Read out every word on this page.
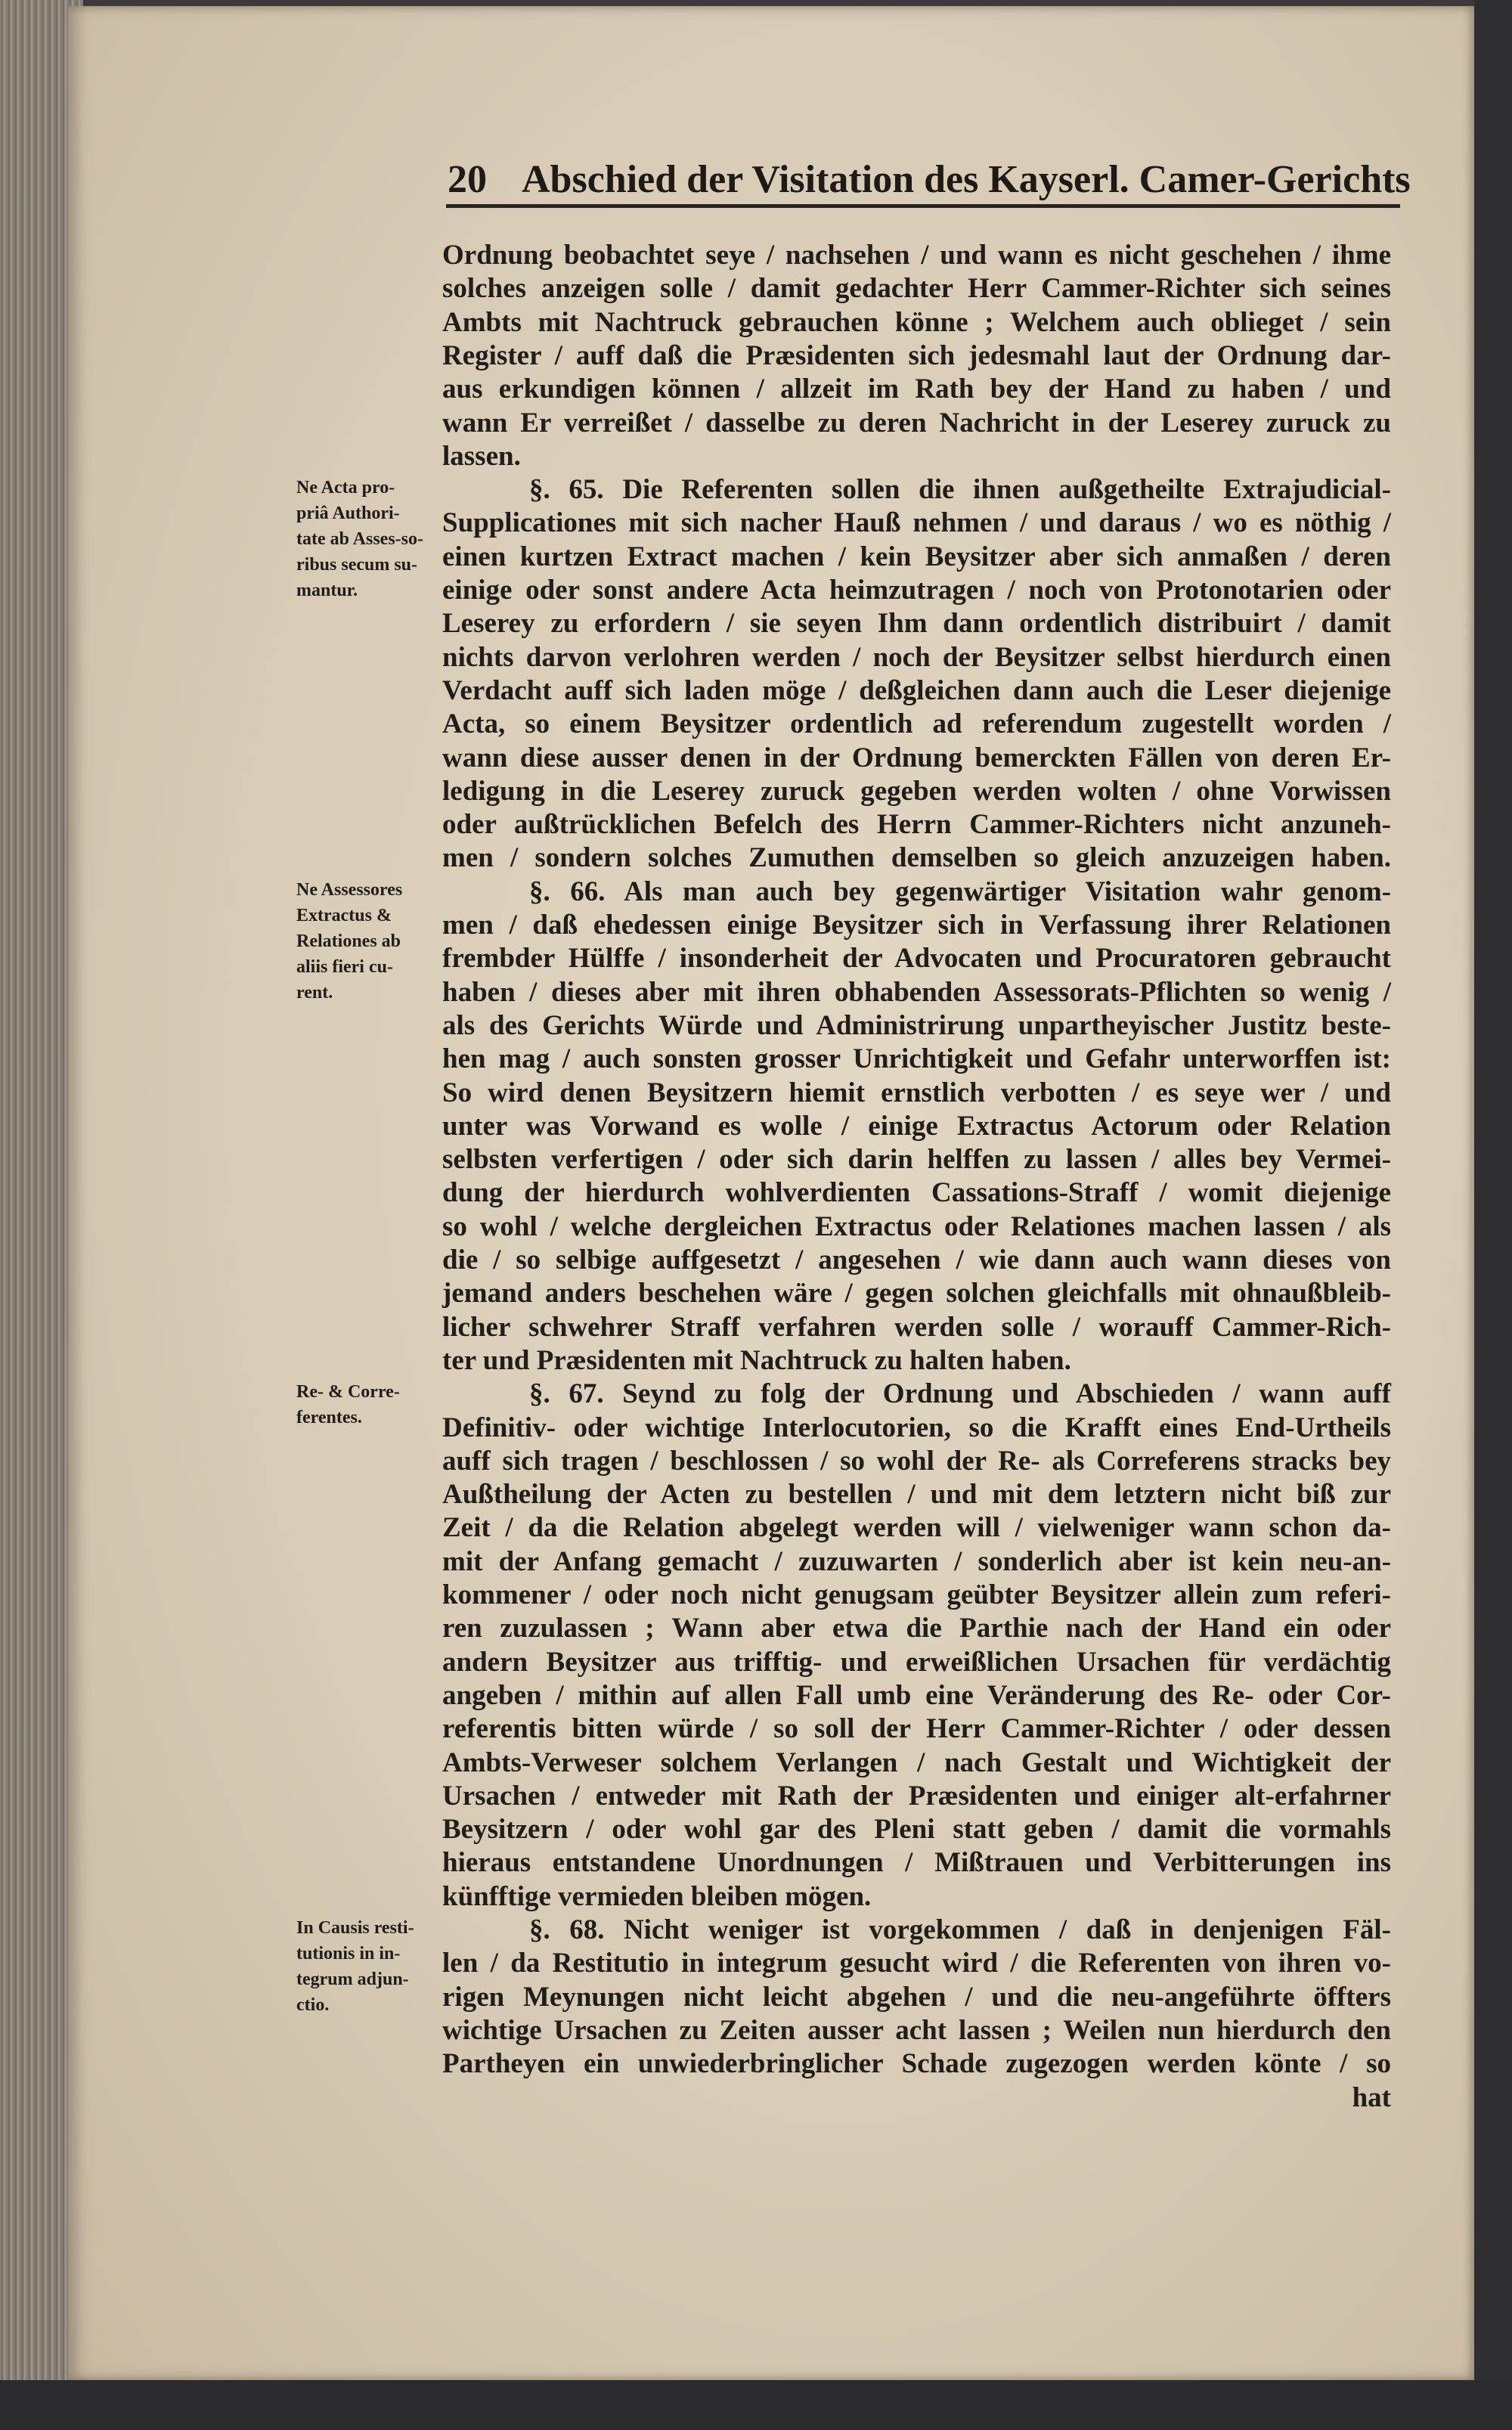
20 Abschied der Visitation des Kayserl. Camer-Gerichts
Ordnung beobachtet seye / nachsehen / und wann es nicht geschehen / ihme
solches anzeigen solle / damit gedachter Herr Cammer-Richter sich seines
Ambts mit Nachtruck gebrauchen könne ; Welchem auch oblieget / sein
Register / auff daß die Præsidenten sich jedesmahl laut der Ordnung dar-
aus erkundigen können / allzeit im Rath bey der Hand zu haben / und
wann Er verreißet / dasselbe zu deren Nachricht in der Leserey zuruck zu
lassen.
§. 65. Die Referenten sollen die ihnen außgetheilte Extrajudicial-
Supplicationes mit sich nacher Hauß nehmen / und daraus / wo es nöthig /
einen kurtzen Extract machen / kein Beysitzer aber sich anmaßen / deren
einige oder sonst andere Acta heimzutragen / noch von Protonotarien oder
Leserey zu erfordern / sie seyen Ihm dann ordentlich distribuirt / damit
nichts darvon verlohren werden / noch der Beysitzer selbst hierdurch einen
Verdacht auff sich laden möge / deßgleichen dann auch die Leser diejenige
Acta, so einem Beysitzer ordentlich ad referendum zugestellt worden /
wann diese ausser denen in der Ordnung bemerckten Fällen von deren Er-
ledigung in die Leserey zuruck gegeben werden wolten / ohne Vorwissen
oder außtrücklichen Befelch des Herrn Cammer-Richters nicht anzuneh-
men / sondern solches Zumuthen demselben so gleich anzuzeigen haben.
§. 66. Als man auch bey gegenwärtiger Visitation wahr genom-
men / daß ehedessen einige Beysitzer sich in Verfassung ihrer Relationen
frembder Hülffe / insonderheit der Advocaten und Procuratoren gebraucht
haben / dieses aber mit ihren obhabenden Assessorats-Pflichten so wenig /
als des Gerichts Würde und Administrirung unpartheyischer Justitz beste-
hen mag / auch sonsten grosser Unrichtigkeit und Gefahr unterworffen ist:
So wird denen Beysitzern hiemit ernstlich verbotten / es seye wer / und
unter was Vorwand es wolle / einige Extractus Actorum oder Relation
selbsten verfertigen / oder sich darin helffen zu lassen / alles bey Vermei-
dung der hierdurch wohlverdienten Cassations-Straff / womit diejenige
so wohl / welche dergleichen Extractus oder Relationes machen lassen / als
die / so selbige auffgesetzt / angesehen / wie dann auch wann dieses von
jemand anders beschehen wäre / gegen solchen gleichfalls mit ohnaußbleib-
licher schwehrer Straff verfahren werden solle / worauff Cammer-Rich-
ter und Præsidenten mit Nachtruck zu halten haben.
§. 67. Seynd zu folg der Ordnung und Abschieden / wann auff
Definitiv- oder wichtige Interlocutorien, so die Krafft eines End-Urtheils
auff sich tragen / beschlossen / so wohl der Re- als Correferens stracks bey
Außtheilung der Acten zu bestellen / und mit dem letztern nicht biß zur
Zeit / da die Relation abgelegt werden will / vielweniger wann schon da-
mit der Anfang gemacht / zuzuwarten / sonderlich aber ist kein neu-an-
kommener / oder noch nicht genugsam geübter Beysitzer allein zum referi-
ren zuzulassen ; Wann aber etwa die Parthie nach der Hand ein oder
andern Beysitzer aus trifftig- und erweißlichen Ursachen für verdächtig
angeben / mithin auf allen Fall umb eine Veränderung des Re- oder Cor-
referentis bitten würde / so soll der Herr Cammer-Richter / oder dessen
Ambts-Verweser solchem Verlangen / nach Gestalt und Wichtigkeit der
Ursachen / entweder mit Rath der Præsidenten und einiger alt-erfahrner
Beysitzern / oder wohl gar des Pleni statt geben / damit die vormahls
hieraus entstandene Unordnungen / Mißtrauen und Verbitterungen ins
künfftige vermieden bleiben mögen.
§. 68. Nicht weniger ist vorgekommen / daß in denjenigen Fäl-
len / da Restitutio in integrum gesucht wird / die Referenten von ihren vo-
rigen Meynungen nicht leicht abgehen / und die neu-angeführte öffters
wichtige Ursachen zu Zeiten ausser acht lassen ; Weilen nun hierdurch den
Partheyen ein unwiederbringlicher Schade zugezogen werden könte / so
hat
Ne Acta pro-
priâ Authori-
tate ab Asses-so-
ribus secum su-
mantur.
Ne Assessores
Extractus &
Relationes ab
aliis fieri cu-
rent.
Re- & Corre-
ferentes.
In Causis resti-
tutionis in in-
tegrum adjun-
ctio.
